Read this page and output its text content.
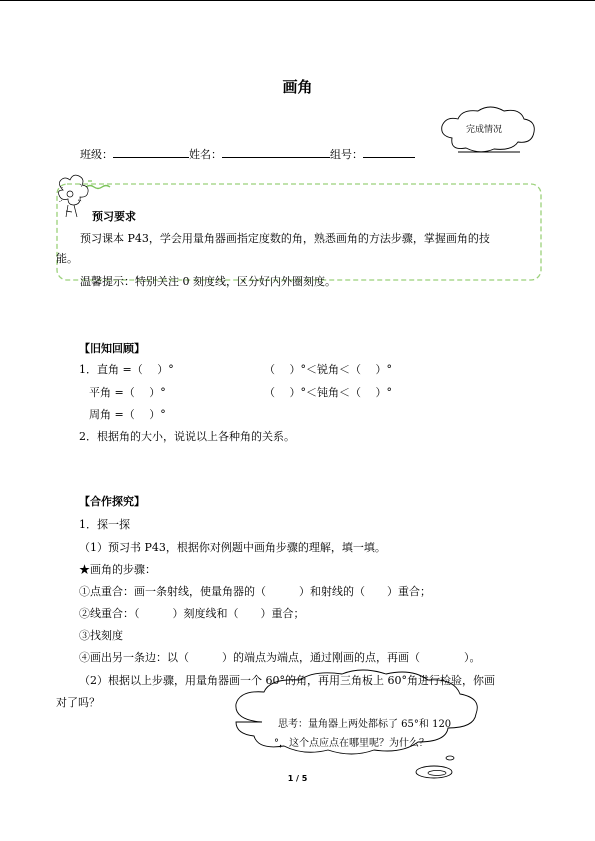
画角
班级：	姓名：	组号：
完成情况
预习要求
预习课本 P43，学会用量角器画指定度数的角，熟悉画角的方法步骤，掌握画角的技
能。
温馨提示：特别关注 0 刻度线，区分好内外圈刻度。
【旧知回顾】
1．直角 =（　 ）°	（　 ）°＜锐角＜（　 ）°
平角 =（　 ）°	（　 ）°＜钝角＜（　 ）°
周角 =（　 ）°
2．根据角的大小，说说以上各种角的关系。
【合作探究】
1．探一探
（1）预习书 P43，根据你对例题中画角步骤的理解，填一填。
★画角的步骤：
①点重合：画一条射线，使量角器的（　　　）和射线的（　　）重合；
②线重合：（　　　）刻度线和（　　）重合；
③找刻度
④画出另一条边：以（　　　）的端点为端点，通过刚画的点，再画（　　　　）。
（2）根据以上步骤，用量角器画一个 60°的角，再用三角板上 60°角进行检验，你画
对了吗？
思考：量角器上两处都标了 65°和 120
°，这个点应点在哪里呢？为什么？
1 / 5
